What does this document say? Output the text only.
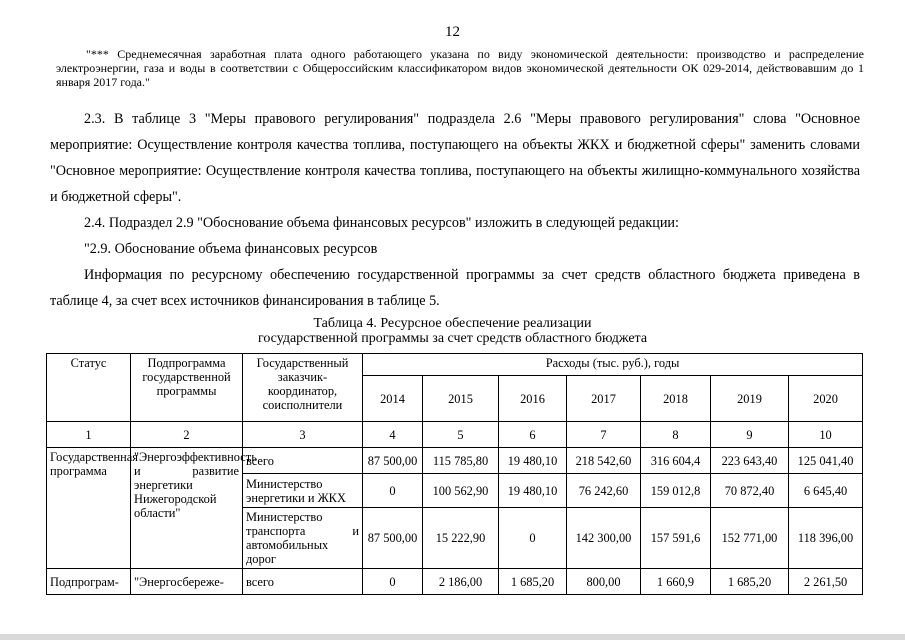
12
"*** Среднемесячная заработная плата одного работающего указана по виду экономической деятельности: производство и распределение электроэнергии, газа и воды в соответствии с Общероссийским классификатором видов экономической деятельности ОК 029-2014, действовавшим до 1 января 2017 года."
2.3. В таблице 3 "Меры правового регулирования" подраздела 2.6 "Меры правового регулирования" слова "Основное мероприятие: Осуществление контроля качества топлива, поступающего на объекты ЖКХ и бюджетной сферы" заменить словами "Основное мероприятие: Осуществление контроля качества топлива, поступающего на объекты жилищно-коммунального хозяйства и бюджетной сферы".
2.4. Подраздел 2.9 "Обоснование объема финансовых ресурсов" изложить в следующей редакции:
"2.9. Обоснование объема финансовых ресурсов
Информация по ресурсному обеспечению государственной программы за счет средств областного бюджета приведена в таблице 4, за счет всех источников финансирования в таблице 5.
Таблица 4. Ресурсное обеспечение реализации
государственной программы за счет средств областного бюджета
Статус	Подпрограмма государственной программы	Государственный заказчик-координатор, соисполнители	Расходы (тыс. руб.), годы						
			2014	2015	2016	2017	2018	2019	2020
1	2	3	4	5	6	7	8	9	10
Государственная программа	"Энергоэффективность и развитие энергетики Нижегородской области"	всего	87 500,00	115 785,80	19 480,10	218 542,60	316 604,4	223 643,40	125 041,40
		Министерство энергетики и ЖКХ	0	100 562,90	19 480,10	76 242,60	159 012,8	70 872,40	6 645,40
		Министерство транспорта и автомобильных дорог	87 500,00	15 222,90	0	142 300,00	157 591,6	152 771,00	118 396,00
Подпрограм-	"Энергосбереже-	всего	0	2 186,00	1 685,20	800,00	1 660,9	1 685,20	2 261,50
